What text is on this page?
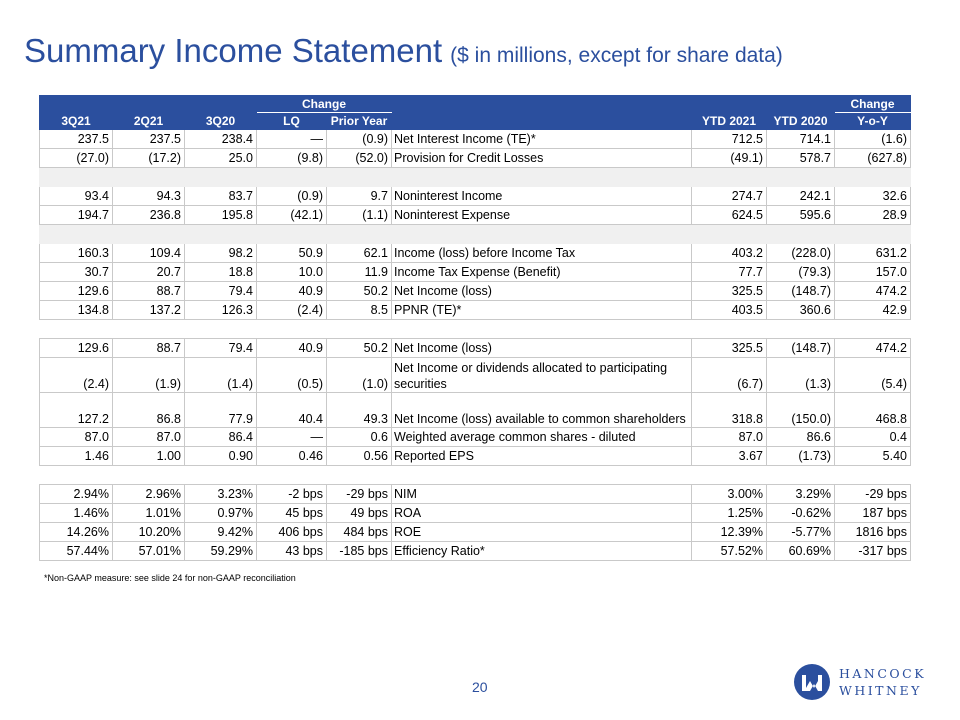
Summary Income Statement ($ in millions, except for share data)
			Change					Change
3Q21	2Q21	3Q20	LQ	Prior Year		YTD 2021	YTD 2020	Y-o-Y
237.5	237.5	238.4	—	(0.9)	Net Interest Income (TE)*	712.5	714.1	(1.6)
(27.0)	(17.2)	25.0	(9.8)	(52.0)	Provision for Credit Losses	(49.1)	578.7	(627.8)

93.4	94.3	83.7	(0.9)	9.7	Noninterest Income	274.7	242.1	32.6
194.7	236.8	195.8	(42.1)	(1.1)	Noninterest Expense	624.5	595.6	28.9

160.3	109.4	98.2	50.9	62.1	Income (loss) before Income Tax	403.2	(228.0)	631.2
30.7	20.7	18.8	10.0	11.9	Income Tax Expense (Benefit)	77.7	(79.3)	157.0
129.6	88.7	79.4	40.9	50.2	Net Income (loss)	325.5	(148.7)	474.2
134.8	137.2	126.3	(2.4)	8.5	PPNR (TE)*	403.5	360.6	42.9

129.6	88.7	79.4	40.9	50.2	Net Income (loss)	325.5	(148.7)	474.2
(2.4)	(1.9)	(1.4)	(0.5)	(1.0)	Net Income or dividends allocated to participating securities	(6.7)	(1.3)	(5.4)
127.2	86.8	77.9	40.4	49.3	Net Income (loss) available to common shareholders	318.8	(150.0)	468.8
87.0	87.0	86.4	—	0.6	Weighted average common shares - diluted	87.0	86.6	0.4
1.46	1.00	0.90	0.46	0.56	Reported EPS	3.67	(1.73)	5.40

2.94%	2.96%	3.23%	-2 bps	-29 bps	NIM	3.00%	3.29%	-29 bps
1.46%	1.01%	0.97%	45 bps	49 bps	ROA	1.25%	-0.62%	187 bps
14.26%	10.20%	9.42%	406 bps	484 bps	ROE	12.39%	-5.77%	1816 bps
57.44%	57.01%	59.29%	43 bps	-185 bps	Efficiency Ratio*	57.52%	60.69%	-317 bps
*Non-GAAP measure: see slide 24 for non-GAAP reconciliation
20
HANCOCK
WHITNEY
